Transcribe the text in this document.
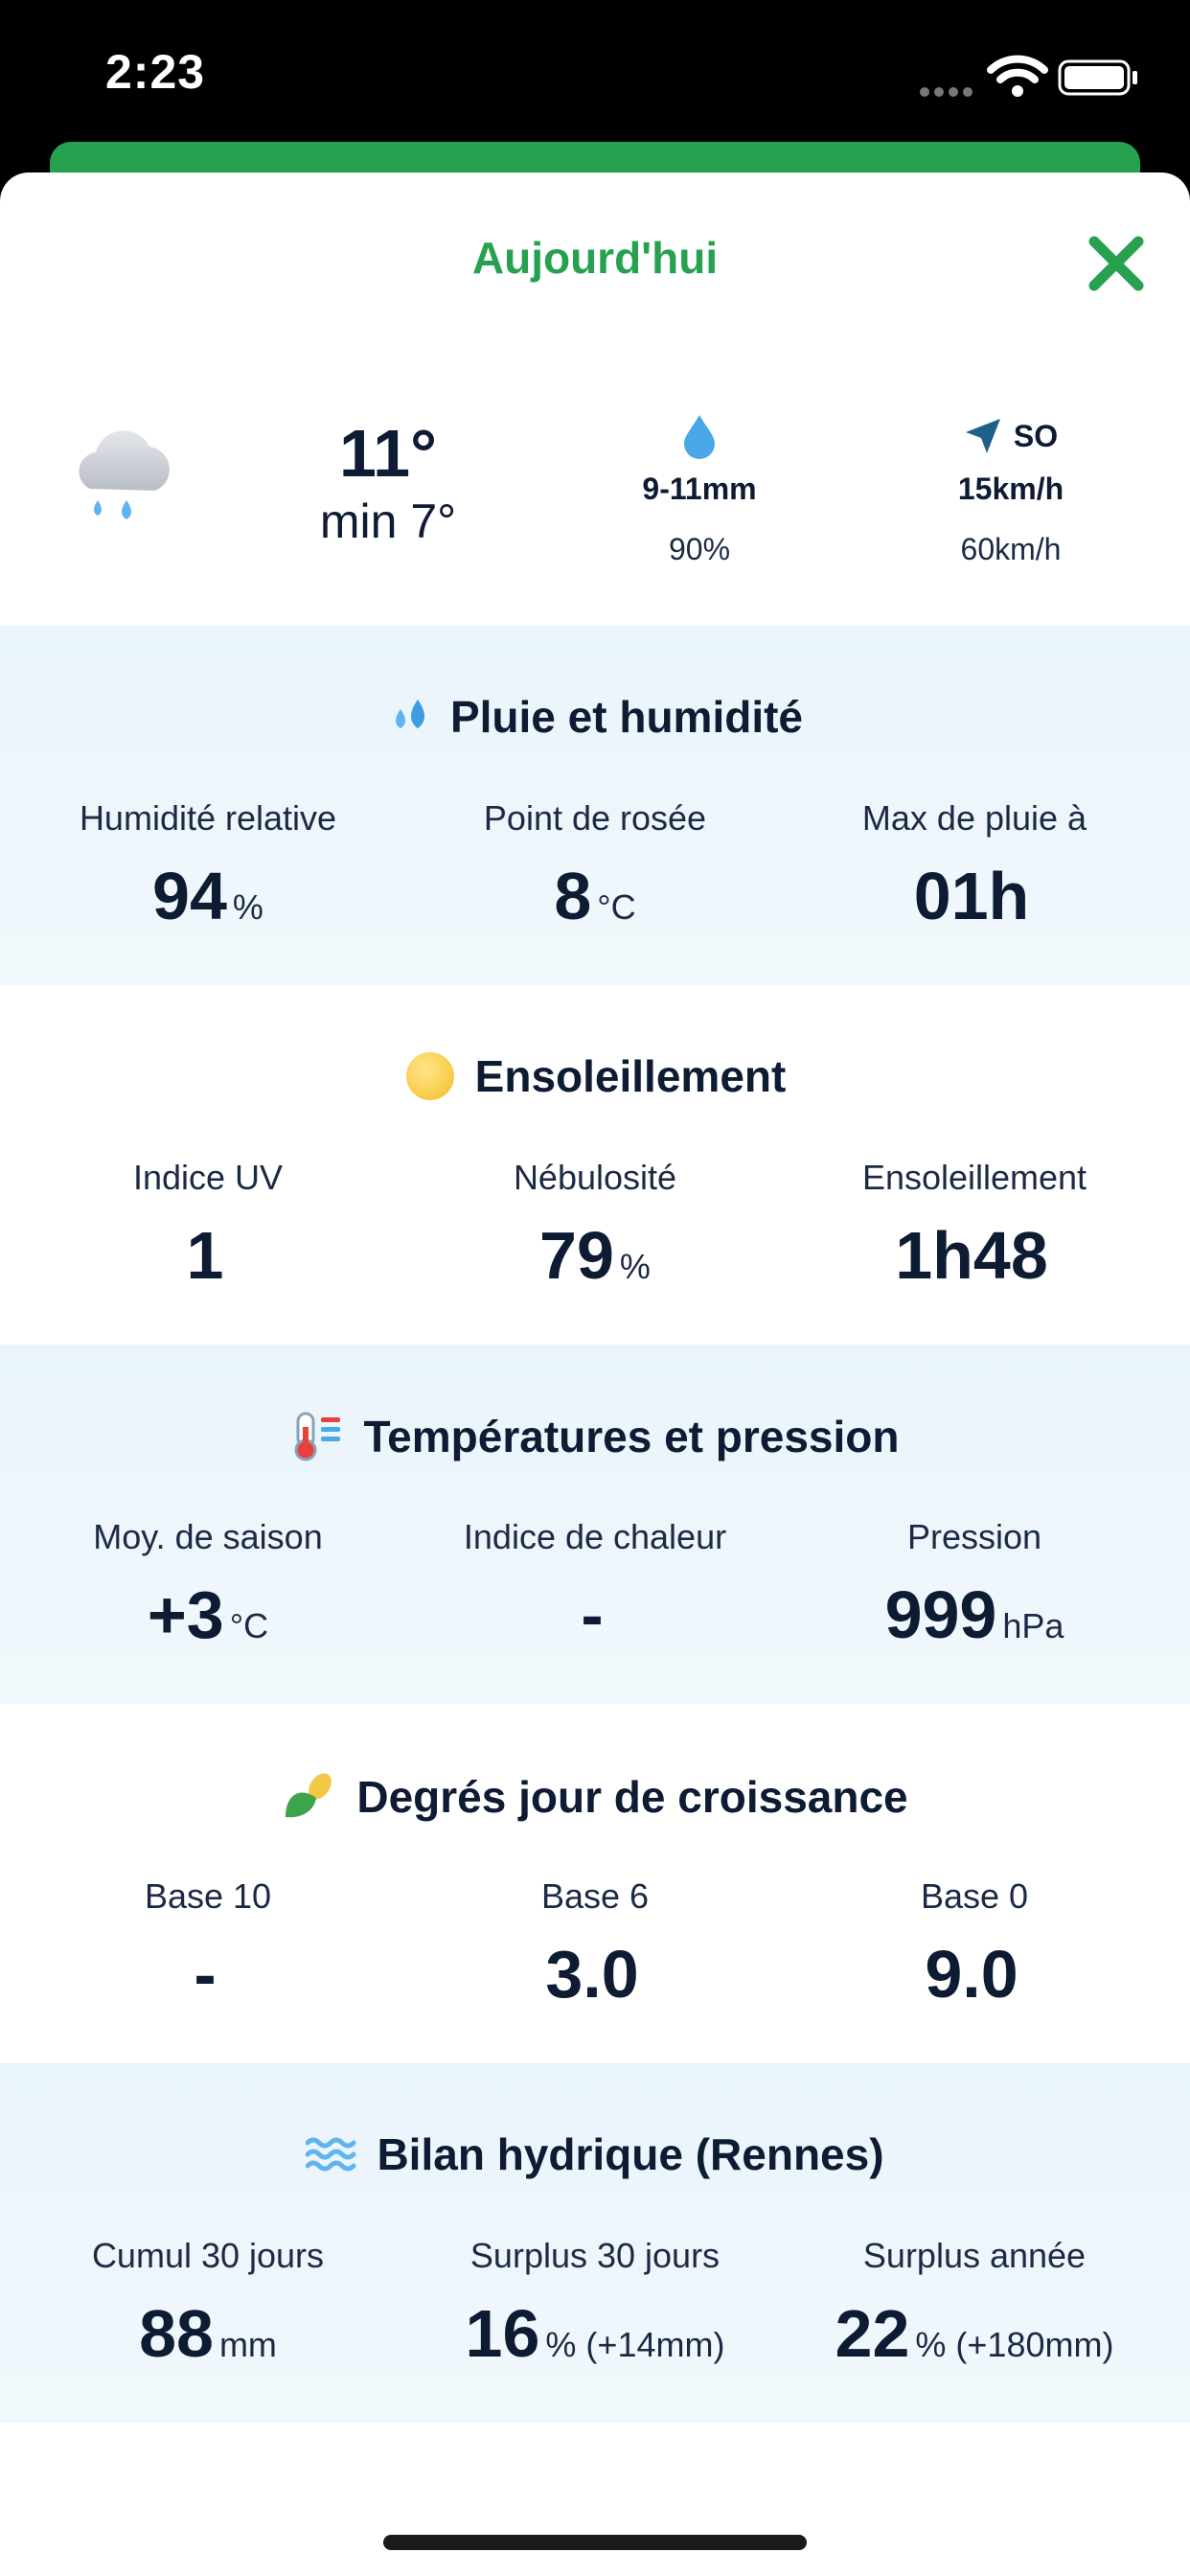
2:23
Aujourd'hui
11°
min 7°
9-11mm
90%
SO
15km/h
60km/h
Pluie et humidité
Humidité relative
94 %
Point de rosée
8 °C
Max de pluie à
01h
Ensoleillement
Indice UV
1
Nébulosité
79 %
Ensoleillement
1h48
Températures et pression
Moy. de saison
+3 °C
Indice de chaleur
-
Pression
999 hPa
Degrés jour de croissance
Base 10
-
Base 6
3.0
Base 0
9.0
Bilan hydrique (Rennes)
Cumul 30 jours
88 mm
Surplus 30 jours
16 % (+14mm)
Surplus année
22 % (+180mm)
